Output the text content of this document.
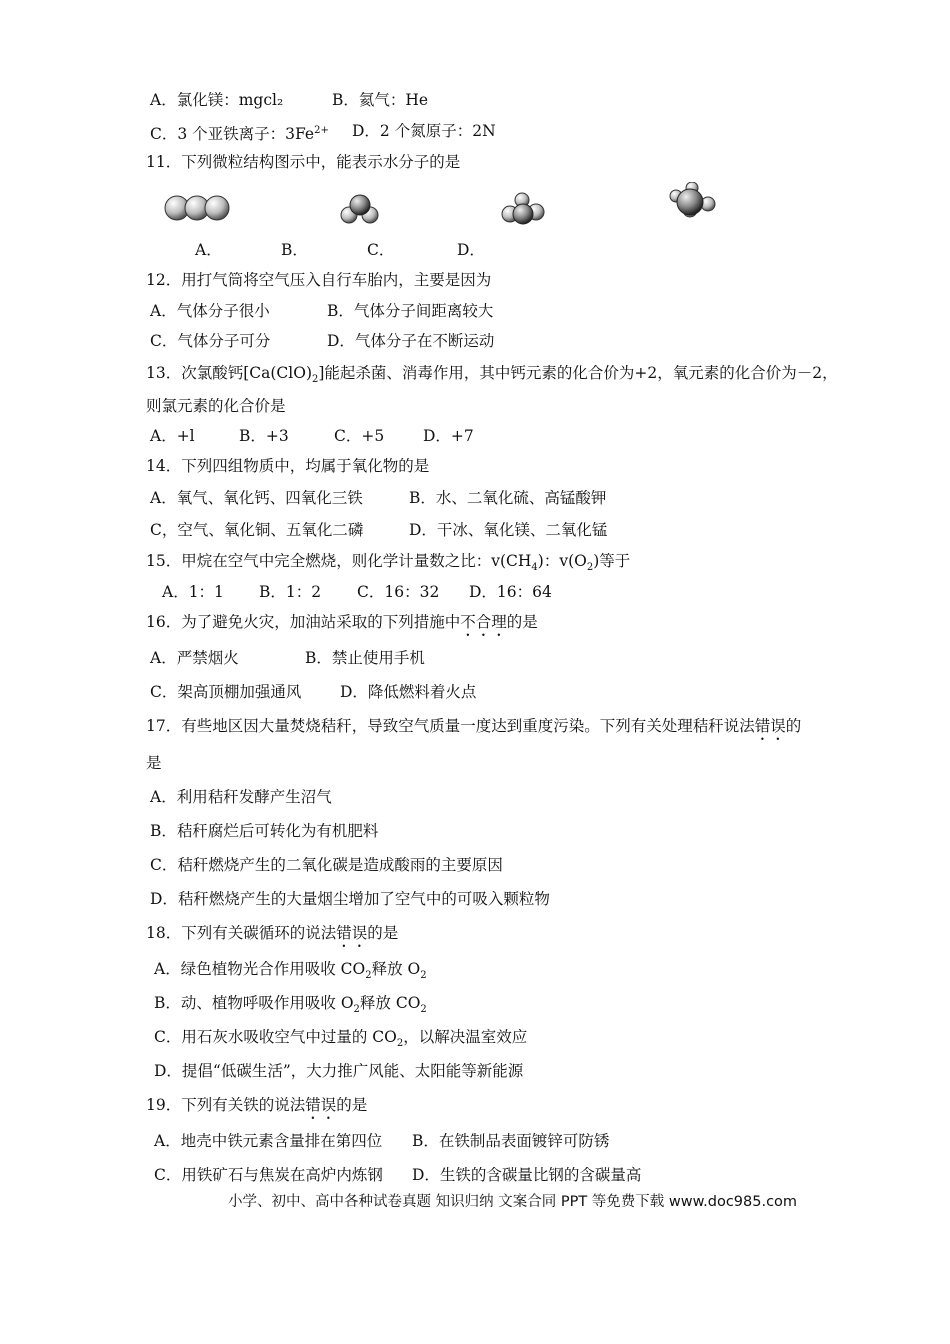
A．氯化镁：mgcl₂	B．氦气：He
C．3 个亚铁离子：$3Fe^{2+}$ D．2 个氮原子：2N
11．下列微粒结构图示中，能表示水分子的是
A．	B．	C．	D．
12．用打气筒将空气压入自行车胎内，主要是因为
A．气体分子很小	B．气体分子间距离较大
C．气体分子可分	D．气体分子在不断运动
13．次氯酸钙$[Ca(ClO)_2]$能起杀菌、消毒作用，其中钙元素的化合价为+2，氧元素的化合价为－2，
则氯元素的化合价是
A．+l	B．+3	C．+5	D．+7
14．下列四组物质中，均属于氧化物的是
A．氧气、氧化钙、四氧化三铁	B．水、二氧化硫、高锰酸钾
C，空气、氧化铜、五氧化二磷	D．干冰、氧化镁、二氧化锰
15．甲烷在空气中完全燃烧，则化学计量数之比：$v(CH_4)$：$v(O_2)$等于
A．1：1 B．1：2 C．16：32 D．16：64
16．为了避免火灾，加油站采取的下列措施中不合理的是
A．严禁烟火	B．禁止使用手机
C．架高顶棚加强通风 D．降低燃料着火点
17．有些地区因大量焚烧秸秆，导致空气质量一度达到重度污染。下列有关处理秸秆说法错误的
是
A．利用秸秆发酵产生沼气
B．秸秆腐烂后可转化为有机肥料
C．秸秆燃烧产生的二氧化碳是造成酸雨的主要原因
D．秸秆燃烧产生的大量烟尘增加了空气中的可吸入颗粒物
18．下列有关碳循环的说法错误的是
A．绿色植物光合作用吸收 $CO_2$释放 $O_2$
B．动、植物呼吸作用吸收 $O_2$释放 $CO_2$
C．用石灰水吸收空气中过量的 $CO_2$，以解决温室效应
D．提倡“低碳生活”，大力推广风能、太阳能等新能源
19．下列有关铁的说法错误的是
A．地壳中铁元素含量排在第四位 B．在铁制品表面镀锌可防锈
C．用铁矿石与焦炭在高炉内炼钢 D．生铁的含碳量比钢的含碳量高
小学、初中、高中各种试卷真题 知识归纳 文案合同 PPT 等免费下载 www.doc985.com
